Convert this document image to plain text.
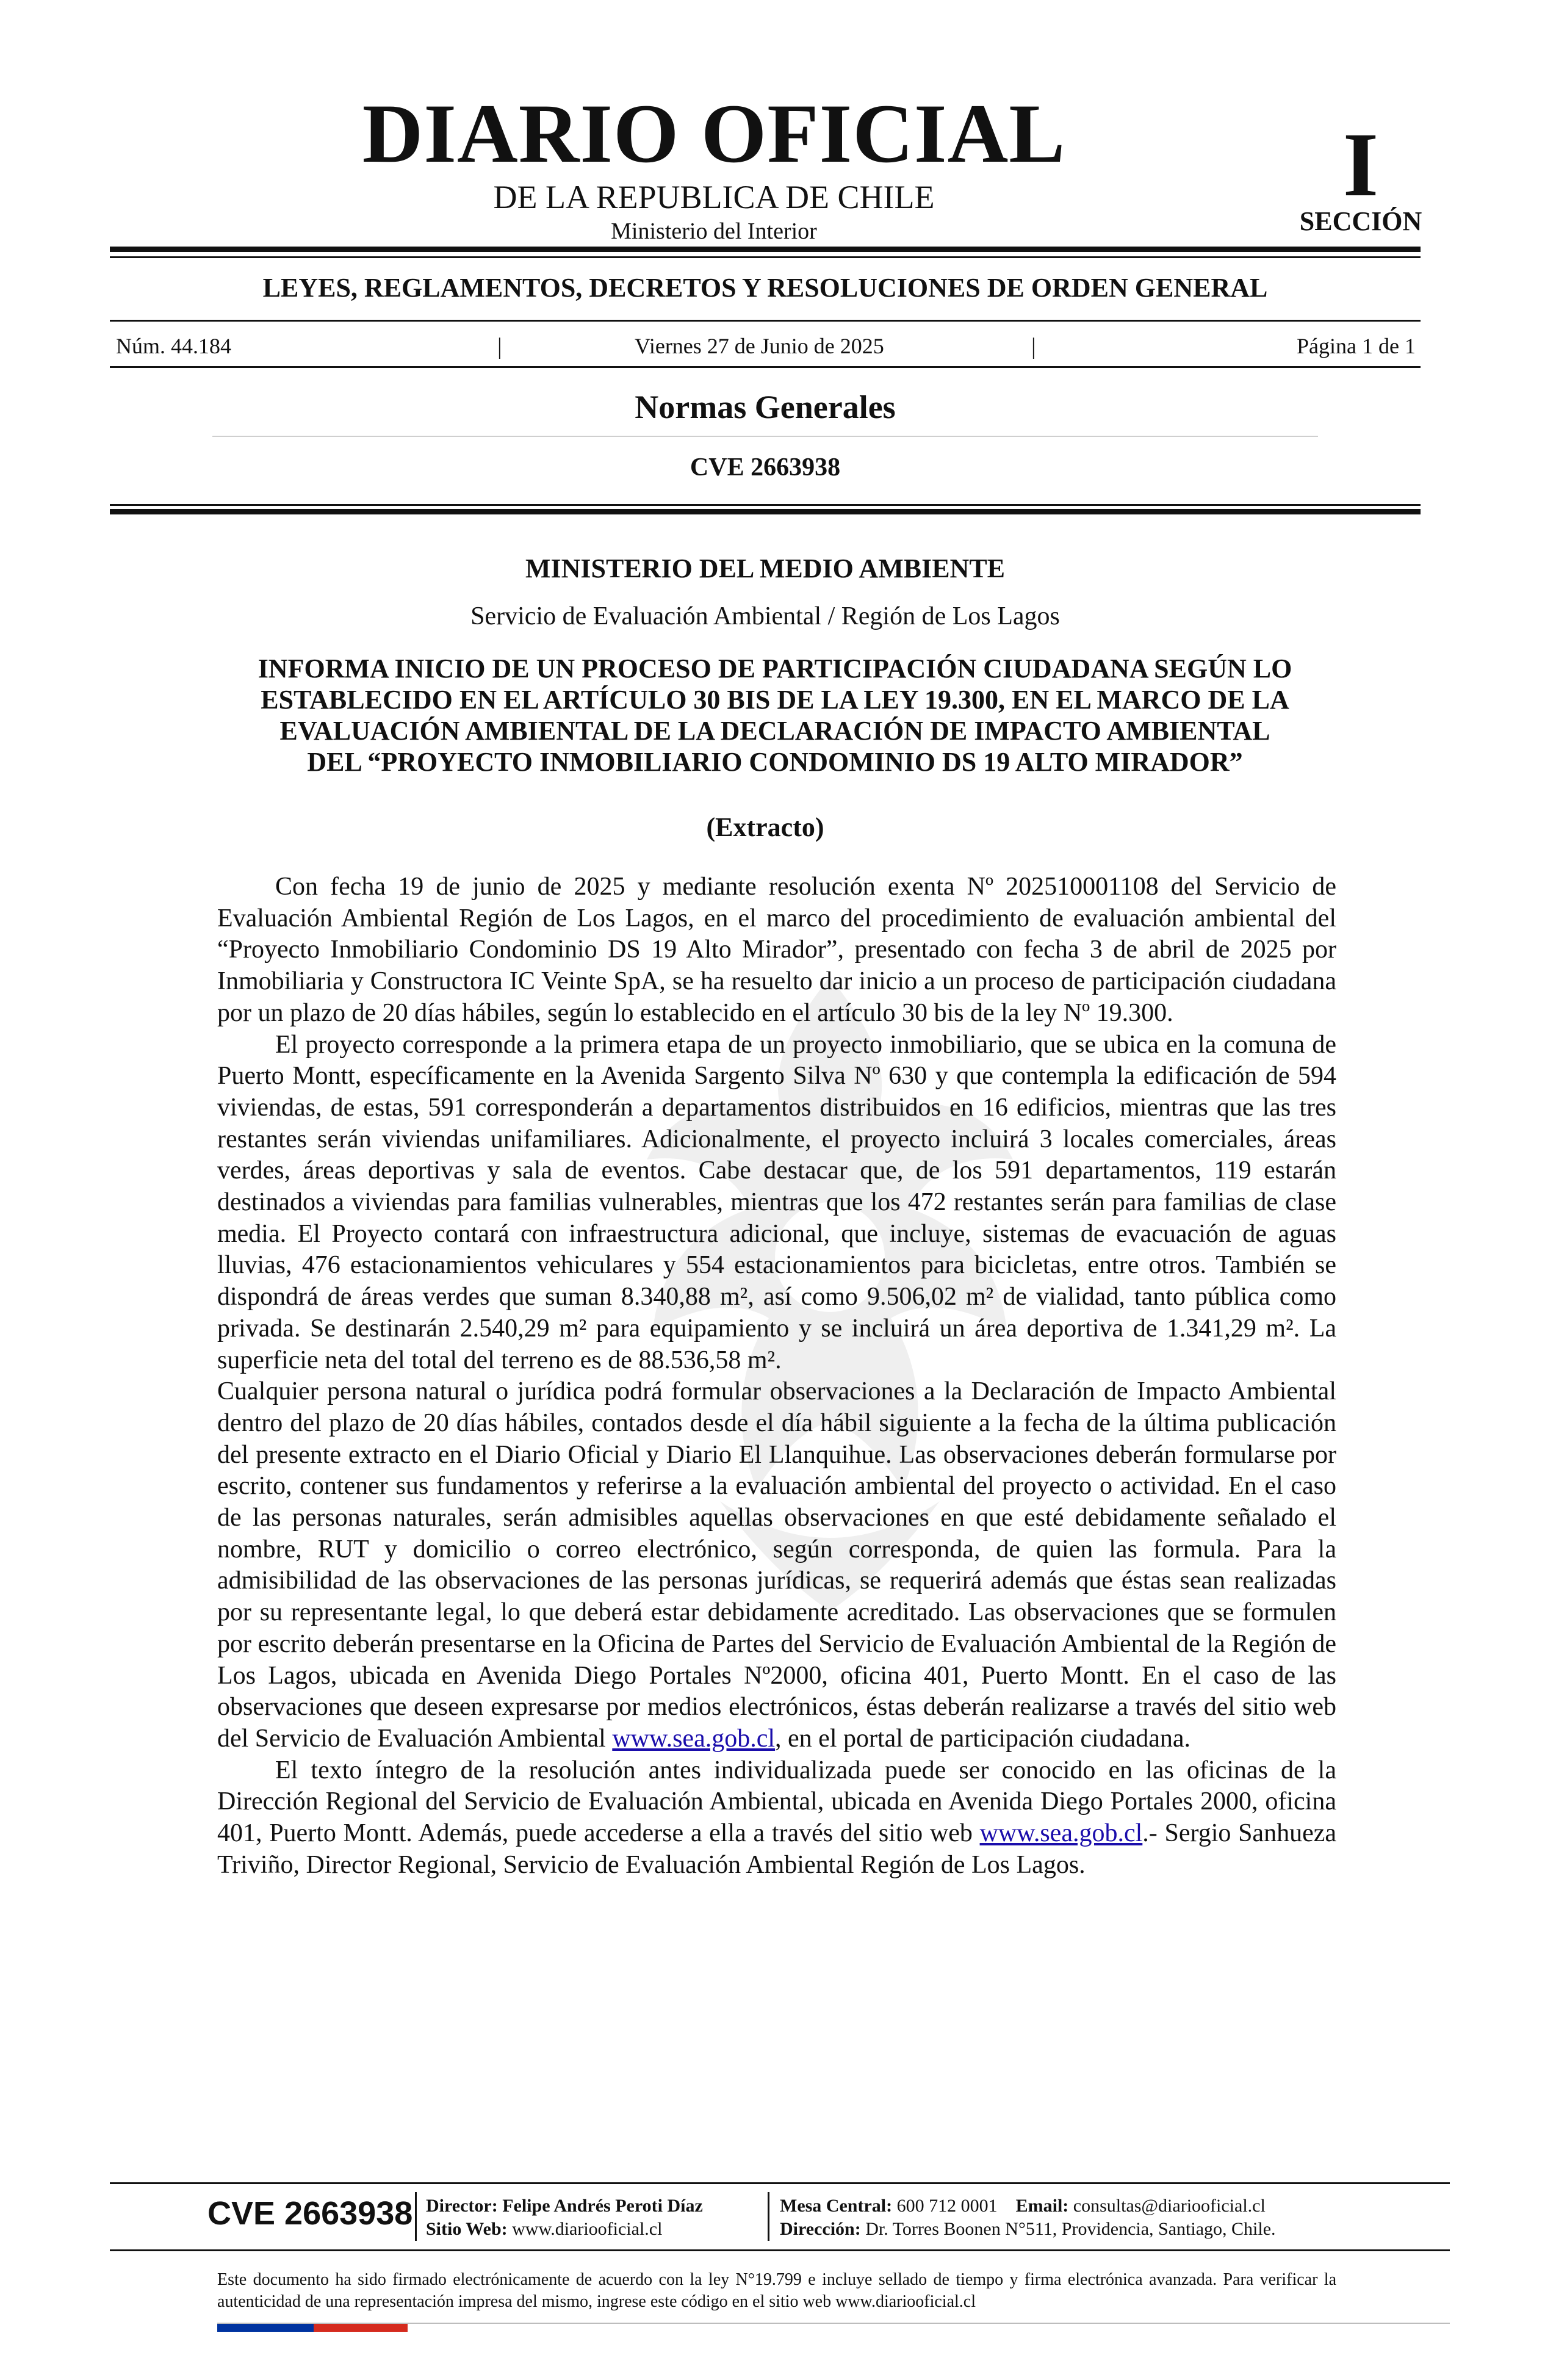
DIARIO OFICIAL
DE LA REPUBLICA DE CHILE
Ministerio del Interior
I
SECCIÓN
LEYES, REGLAMENTOS, DECRETOS Y RESOLUCIONES DE ORDEN GENERAL
Núm. 44.184	|	Viernes 27 de Junio de 2025	|	Página 1 de 1
Normas Generales
CVE 2663938
MINISTERIO DEL MEDIO AMBIENTE
Servicio de Evaluación Ambiental / Región de Los Lagos
INFORMA INICIO DE UN PROCESO DE PARTICIPACIÓN CIUDADANA SEGÚN LO
ESTABLECIDO EN EL ARTÍCULO 30 BIS DE LA LEY 19.300, EN EL MARCO DE LA
EVALUACIÓN AMBIENTAL DE LA DECLARACIÓN DE IMPACTO AMBIENTAL
DEL “PROYECTO INMOBILIARIO CONDOMINIO DS 19 ALTO MIRADOR”
(Extracto)

Con fecha 19 de junio de 2025 y mediante resolución exenta Nº 202510001108 del Servicio de Evaluación Ambiental Región de Los Lagos, en el marco del procedimiento de evaluación ambiental del “Proyecto Inmobiliario Condominio DS 19 Alto Mirador”, presentado con fecha 3 de abril de 2025 por Inmobiliaria y Constructora IC Veinte SpA, se ha resuelto dar inicio a un proceso de participación ciudadana por un plazo de 20 días hábiles, según lo establecido en el artículo 30 bis de la ley Nº 19.300.

El proyecto corresponde a la primera etapa de un proyecto inmobiliario, que se ubica en la comuna de Puerto Montt, específicamente en la Avenida Sargento Silva Nº 630 y que contempla la edificación de 594 viviendas, de estas, 591 corresponderán a departamentos distribuidos en 16 edificios, mientras que las tres restantes serán viviendas unifamiliares. Adicionalmente, el proyecto incluirá 3 locales comerciales, áreas verdes, áreas deportivas y sala de eventos. Cabe destacar que, de los 591 departamentos, 119 estarán destinados a viviendas para familias vulnerables, mientras que los 472 restantes serán para familias de clase media. El Proyecto contará con infraestructura adicional, que incluye, sistemas de evacuación de aguas lluvias, 476 estacionamientos vehiculares y 554 estacionamientos para bicicletas, entre otros. También se dispondrá de áreas verdes que suman 8.340,88 m², así como 9.506,02 m² de vialidad, tanto pública como privada. Se destinarán 2.540,29 m² para equipamiento y se incluirá un área deportiva de 1.341,29 m². La superficie neta del total del terreno es de 88.536,58 m².

Cualquier persona natural o jurídica podrá formular observaciones a la Declaración de Impacto Ambiental dentro del plazo de 20 días hábiles, contados desde el día hábil siguiente a la fecha de la última publicación del presente extracto en el Diario Oficial y Diario El Llanquihue. Las observaciones deberán formularse por escrito, contener sus fundamentos y referirse a la evaluación ambiental del proyecto o actividad. En el caso de las personas naturales, serán admisibles aquellas observaciones en que esté debidamente señalado el nombre, RUT y domicilio o correo electrónico, según corresponda, de quien las formula. Para la admisibilidad de las observaciones de las personas jurídicas, se requerirá además que éstas sean realizadas por su representante legal, lo que deberá estar debidamente acreditado. Las observaciones que se formulen por escrito deberán presentarse en la Oficina de Partes del Servicio de Evaluación Ambiental de la Región de Los Lagos, ubicada en Avenida Diego Portales Nº2000, oficina 401, Puerto Montt. En el caso de las observaciones que deseen expresarse por medios electrónicos, éstas deberán realizarse a través del sitio web del Servicio de Evaluación Ambiental www.sea.gob.cl, en el portal de participación ciudadana.

El texto íntegro de la resolución antes individualizada puede ser conocido en las oficinas de la Dirección Regional del Servicio de Evaluación Ambiental, ubicada en Avenida Diego Portales 2000, oficina 401, Puerto Montt. Además, puede accederse a ella a través del sitio web www.sea.gob.cl.- Sergio Sanhueza Triviño, Director Regional, Servicio de Evaluación Ambiental Región de Los Lagos.

CVE 2663938 Director: Felipe Andrés Peroti Díaz
Sitio Web: www.diariooficial.cl
Mesa Central: 600 712 0001 Email: consultas@diariooficial.cl
Dirección: Dr. Torres Boonen N°511, Providencia, Santiago, Chile.
Este documento ha sido firmado electrónicamente de acuerdo con la ley N°19.799 e incluye sellado de tiempo y firma electrónica avanzada. Para verificar la autenticidad de una representación impresa del mismo, ingrese este código en el sitio web www.diariooficial.cl
